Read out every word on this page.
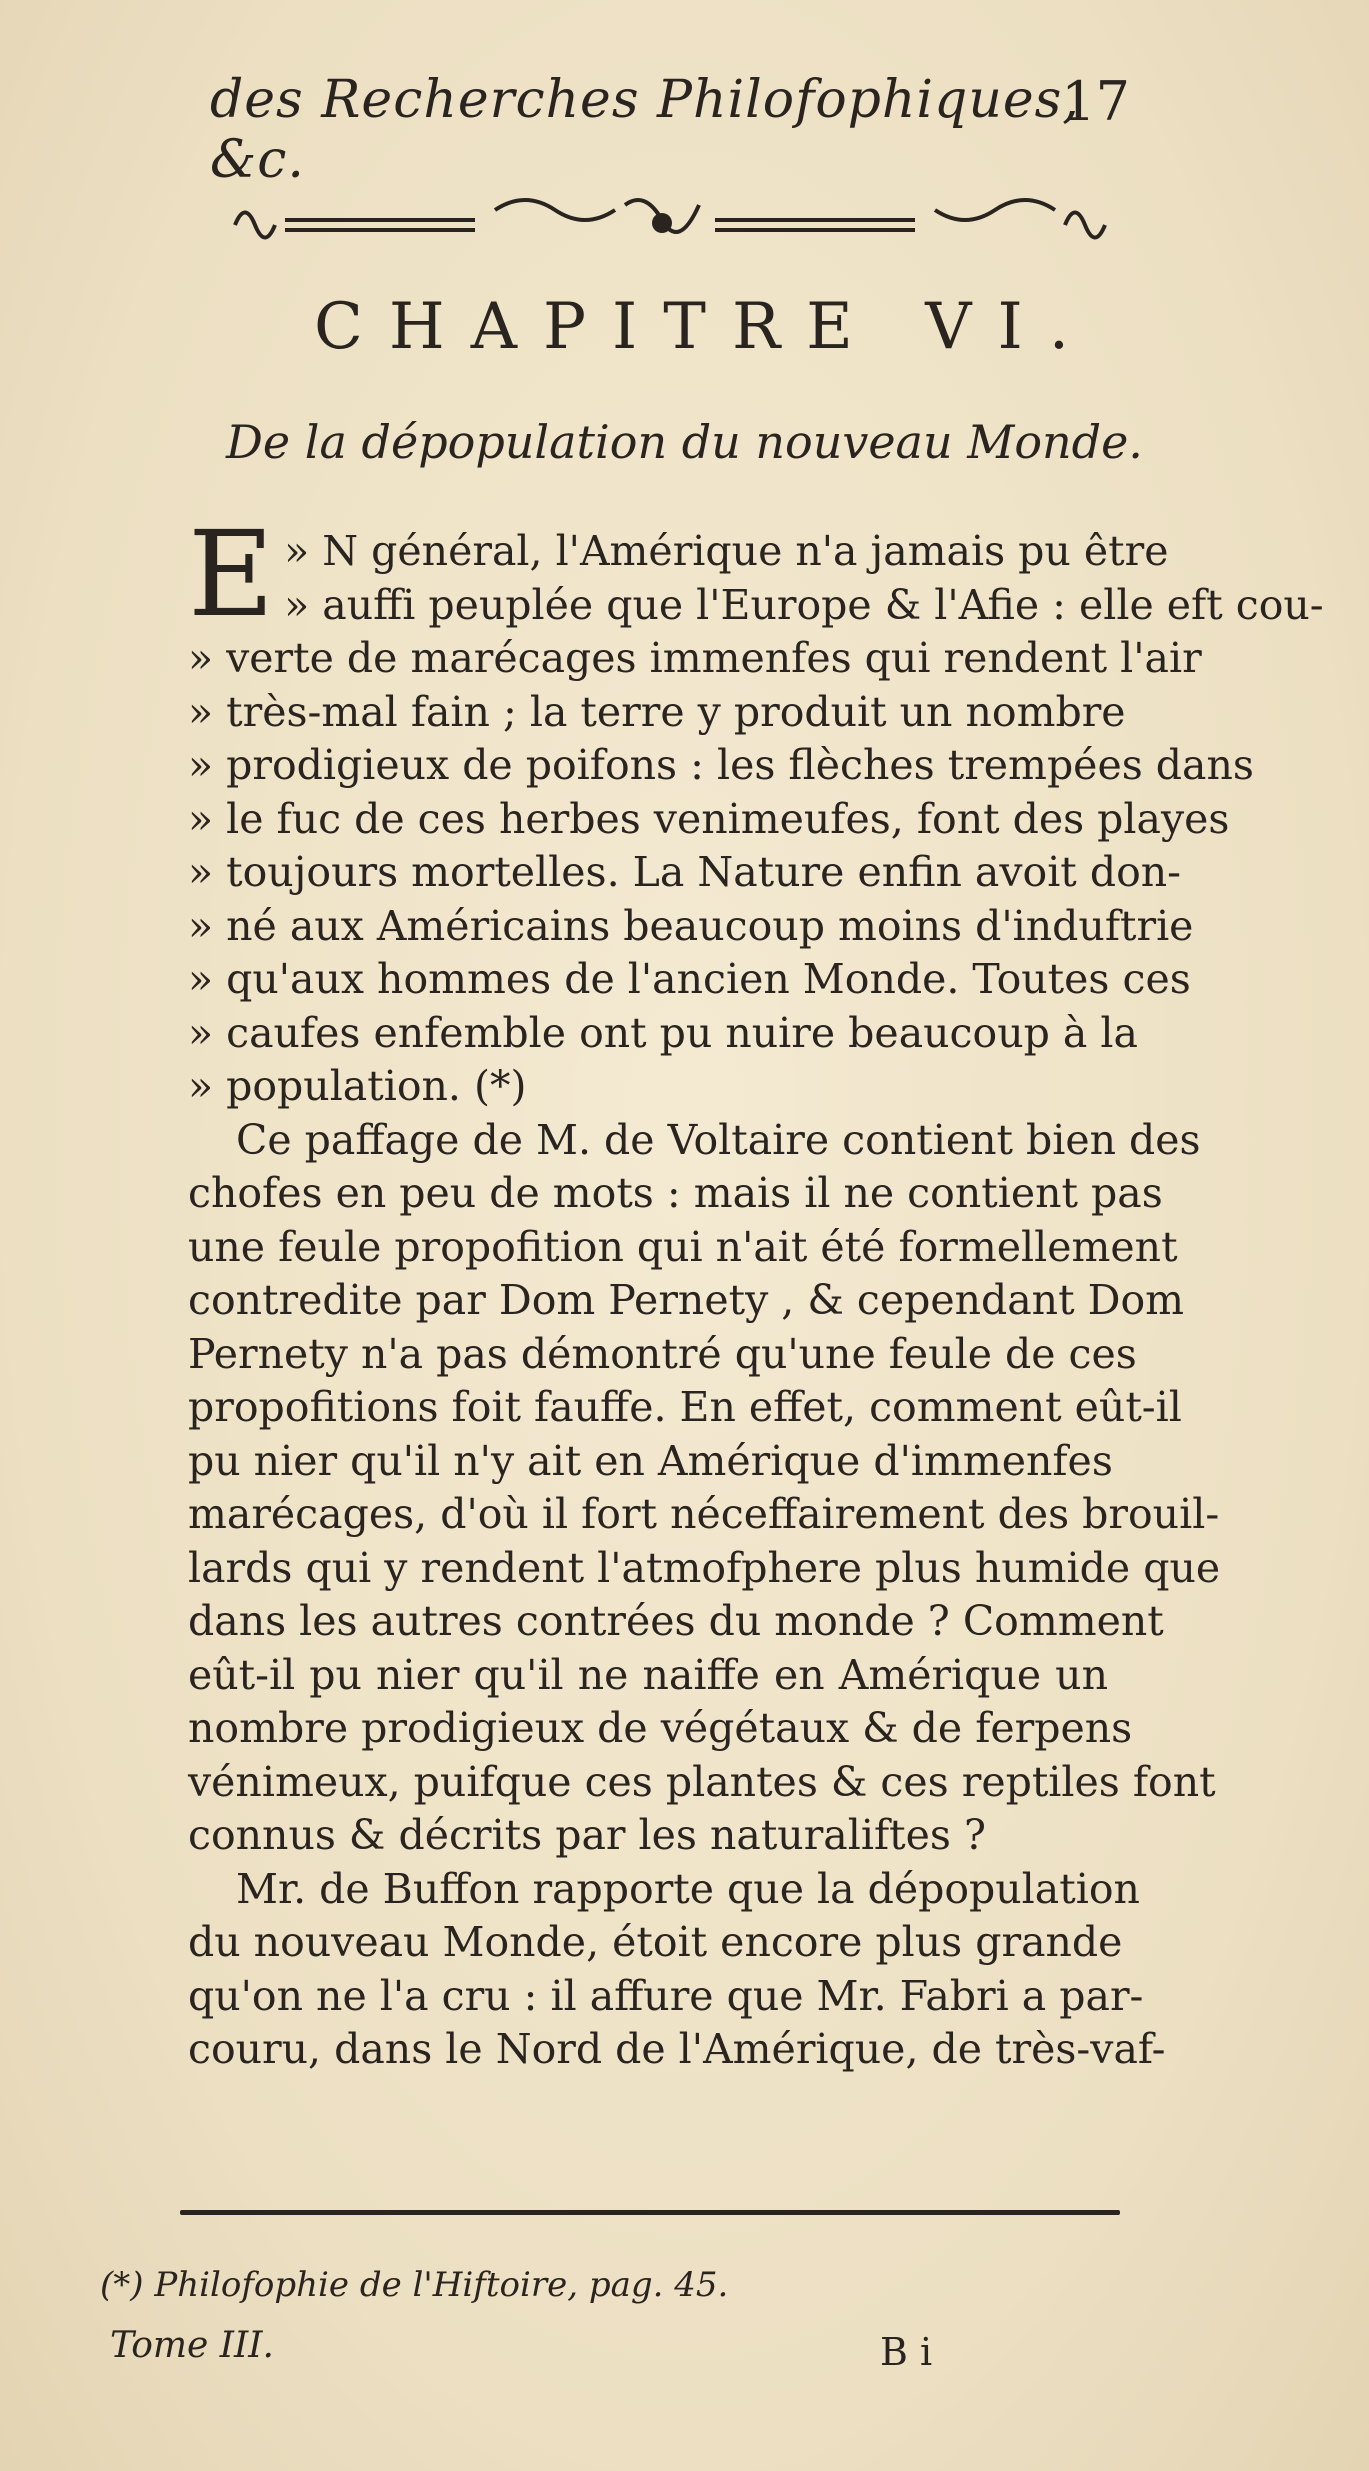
des Recherches Philofophiques, &c.
17
CHAPITRE VI.
De la dépopulation du nouveau Monde.
E » N général, l'Amérique n'a jamais pu être
» auffi peuplée que l'Europe & l'Afie : elle eft cou-
» verte de marécages immenfes qui rendent l'air
» très-mal fain ; la terre y produit un nombre
» prodigieux de poifons : les flèches trempées dans
» le fuc de ces herbes venimeufes, font des playes
» toujours mortelles. La Nature enfin avoit don-
» né aux Américains beaucoup moins d'induftrie
» qu'aux hommes de l'ancien Monde. Toutes ces
» caufes enfemble ont pu nuire beaucoup à la
» population. (*)
Ce paffage de M. de Voltaire contient bien des
chofes en peu de mots : mais il ne contient pas
une feule propofition qui n'ait été formellement
contredite par Dom Pernety , & cependant Dom
Pernety n'a pas démontré qu'une feule de ces
propofitions foit fauffe. En effet, comment eût-il
pu nier qu'il n'y ait en Amérique d'immenfes
marécages, d'où il fort néceffairement des brouil-
lards qui y rendent l'atmofphere plus humide que
dans les autres contrées du monde ? Comment
eût-il pu nier qu'il ne naiffe en Amérique un
nombre prodigieux de végétaux & de ferpens
vénimeux, puifque ces plantes & ces reptiles font
connus & décrits par les naturaliftes ?
Mr. de Buffon rapporte que la dépopulation
du nouveau Monde, étoit encore plus grande
qu'on ne l'a cru : il affure que Mr. Fabri a par-
couru, dans le Nord de l'Amérique, de très-vaf-
(*) Philofophie de l'Hiftoire, pag. 45.
Tome III.	B i
